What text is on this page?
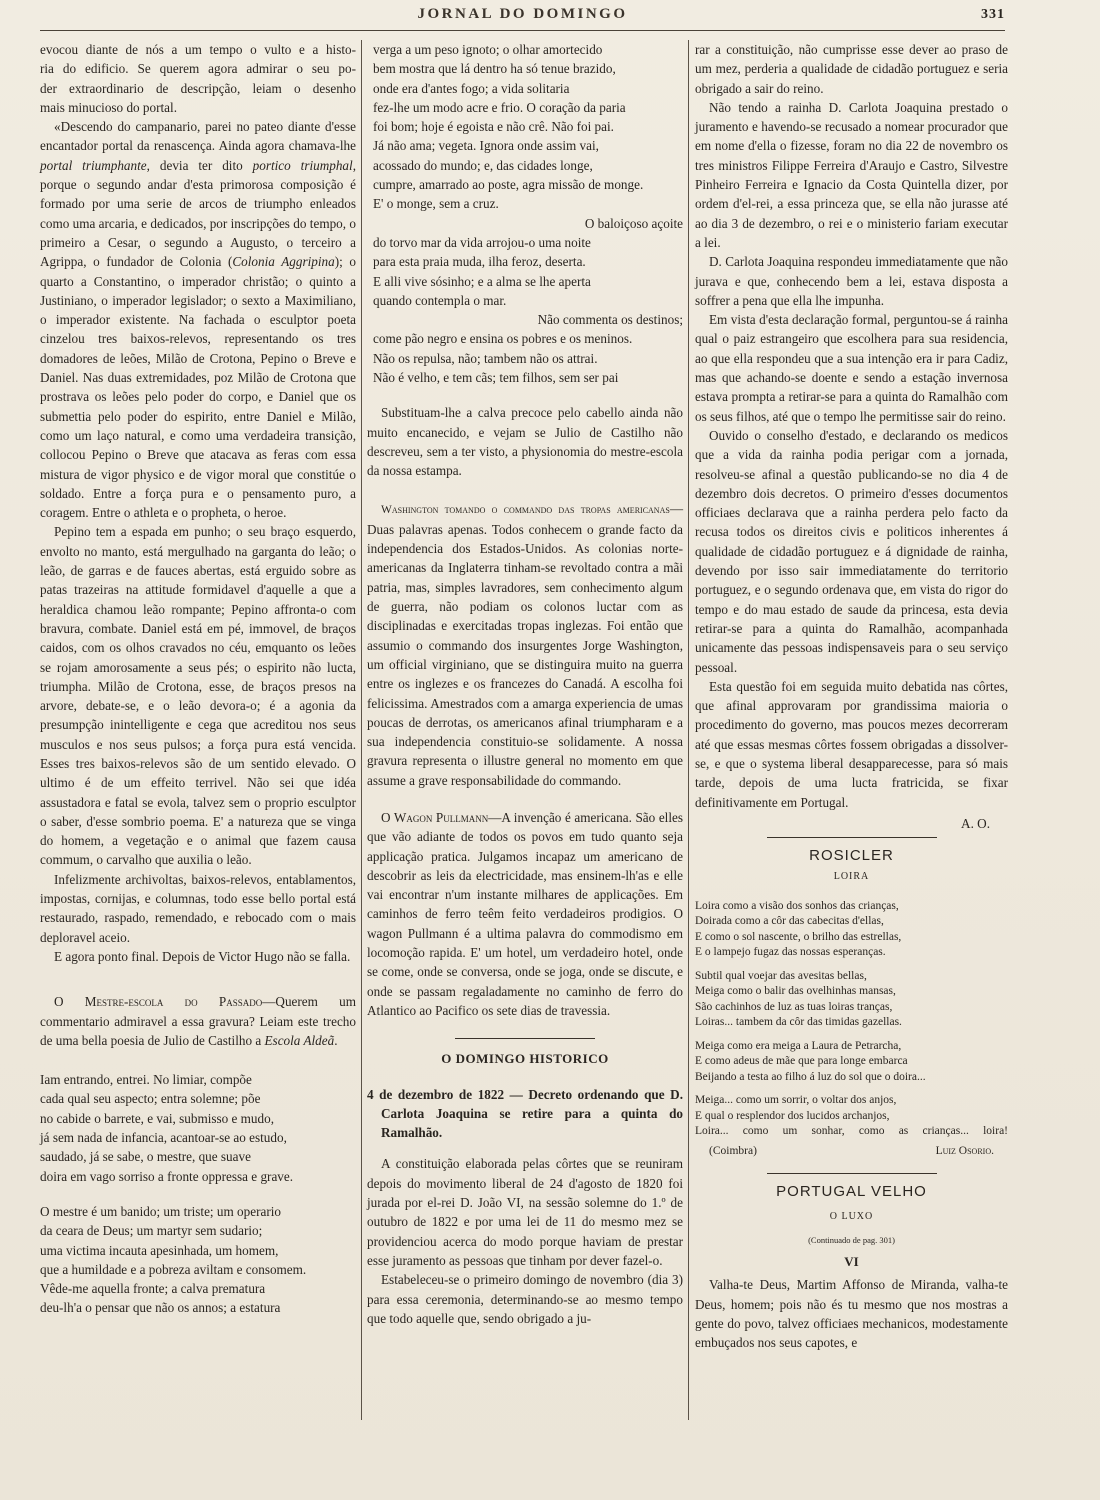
JORNAL DO DOMINGO	331
evocou diante de nós a um tempo o vulto e a histo-
ria do edificio. Se querem agora admirar o seu po-
der extraordinario de descripção, leiam o desenho
mais minucioso do portal.

«Descendo do campanario, parei no pateo diante d'esse encantador portal da renascença. Ainda agora chamava-lhe portal triumphante, devia ter dito portico triumphal, porque o segundo andar d'esta primorosa composição é formado por uma serie de arcos de triumpho enleados como uma arcaria, e dedicados, por inscripções do tempo, o primeiro a Cesar, o segundo a Augusto, o terceiro a Agrippa, o fundador de Colonia (Colonia Aggripina); o quarto a Constantino, o imperador christão; o quinto a Justiniano, o imperador legislador; o sexto a Maximiliano, o imperador existente. Na fachada o esculptor poeta cinzelou tres baixos-relevos, representando os tres domadores de leões, Milão de Crotona, Pepino o Breve e Daniel. Nas duas extremidades, poz Milão de Crotona que prostrava os leões pelo poder do corpo, e Daniel que os submettia pelo poder do espirito, entre Daniel e Milão, como um laço natural, e como uma verdadeira transição, collocou Pepino o Breve que atacava as feras com essa mistura de vigor physico e de vigor moral que constitúe o soldado. Entre a força pura e o pensamento puro, a coragem. Entre o athleta e o propheta, o heroe.

Pepino tem a espada em punho; o seu braço esquerdo, envolto no manto, está mergulhado na garganta do leão; o leão, de garras e de fauces abertas, está erguido sobre as patas trazeiras na attitude formidavel d'aquelle a que a heraldica chamou leão rompante; Pepino affronta-o com bravura, combate. Daniel está em pé, immovel, de braços caidos, com os olhos cravados no céu, emquanto os leões se rojam amorosamente a seus pés; o espirito não lucta, triumpha. Milão de Crotona, esse, de braços presos na arvore, debate-se, e o leão devora-o; é a agonia da presumpção inintelligente e cega que acreditou nos seus musculos e nos seus pulsos; a força pura está vencida. Esses tres baixos-relevos são de um sentido elevado. O ultimo é de um effeito terrivel. Não sei que idéa assustadora e fatal se evola, talvez sem o proprio esculptor o saber, d'esse sombrio poema. E' a natureza que se vinga do homem, a vegetação e o animal que fazem causa commum, o carvalho que auxilia o leão.

Infelizmente archivoltas, baixos-relevos, entablamentos, impostas, cornijas, e columnas, todo esse bello portal está restaurado, raspado, remendado, e rebocado com o mais deploravel aceio.

E agora ponto final. Depois de Victor Hugo não se falla.

O Mestre-escola do Passado—Querem um commentario admiravel a essa gravura? Leiam este trecho de uma bella poesia de Julio de Castilho a Escola Aldeã.

Iam entrando, entrei. No limiar, compõe
cada qual seu aspecto; entra solemne; põe
no cabide o barrete, e vai, submisso e mudo,
já sem nada de infancia, acantoar-se ao estudo,
saudado, já se sabe, o mestre, que suave
doira em vago sorriso a fronte oppressa e grave.
O mestre é um banido; um triste; um operario
da ceara de Deus; um martyr sem sudario;
uma victima incauta apesinhada, um homem,
que a humildade e a pobreza aviltam e consomem.
Vêde-me aquella fronte; a calva prematura
deu-lh'a o pensar que não os annos; a estatura
verga a um peso ignoto; o olhar amortecido
bem mostra que lá dentro ha só tenue brazido,
onde era d'antes fogo; a vida solitaria
fez-lhe um modo acre e frio. O coração da paria
foi bom; hoje é egoista e não crê. Não foi pai.
Já não ama; vegeta. Ignora onde assim vai,
acossado do mundo; e, das cidades longe,
cumpre, amarrado ao poste, agra missão de monge.
E' o monge, sem a cruz.
O baloiçoso açoite
do torvo mar da vida arrojou-o uma noite
para esta praia muda, ilha feroz, deserta.
E alli vive sósinho; e a alma se lhe aperta
quando contempla o mar.
Não commenta os destinos;
come pão negro e ensina os pobres e os meninos.
Não os repulsa, não; tambem não os attrai.
Não é velho, e tem cãs; tem filhos, sem ser pai

Substituam-lhe a calva precoce pelo cabello ainda não muito encanecido, e vejam se Julio de Castilho não descreveu, sem a ter visto, a physionomia do mestre-escola da nossa estampa.

Washington tomando o commando das tropas americanas—Duas palavras apenas. Todos conhecem o grande facto da independencia dos Estados-Unidos. As colonias norte-americanas da Inglaterra tinham-se revoltado contra a mãi patria, mas, simples lavradores, sem conhecimento algum de guerra, não podiam os colonos luctar com as disciplinadas e exercitadas tropas inglezas. Foi então que assumio o commando dos insurgentes Jorge Washington, um official virginiano, que se distinguira muito na guerra entre os inglezes e os francezes do Canadá. A escolha foi felicissima. Amestrados com a amarga experiencia de umas poucas de derrotas, os americanos afinal triumpharam e a sua independencia constituio-se solidamente. A nossa gravura representa o illustre general no momento em que assume a grave responsabilidade do commando.

O Wagon Pullmann—A invenção é americana. São elles que vão adiante de todos os povos em tudo quanto seja applicação pratica. Julgamos incapaz um americano de descobrir as leis da electricidade, mas ensinem-lh'as e elle vai encontrar n'um instante milhares de applicações. Em caminhos de ferro teêm feito verdadeiros prodigios. O wagon Pullmann é a ultima palavra do commodismo em locomoção rapida. E' um hotel, um verdadeiro hotel, onde se come, onde se conversa, onde se joga, onde se discute, e onde se passam regaladamente no caminho de ferro do Atlantico ao Pacifico os sete dias de travessia.

O DOMINGO HISTORICO

4 de dezembro de 1822 — Decreto ordenando que D. Carlota Joaquina se retire para a quinta do Ramalhão.

A constituição elaborada pelas côrtes que se reuniram depois do movimento liberal de 24 d'agosto de 1820 foi jurada por el-rei D. João VI, na sessão solemne do 1.º de outubro de 1822 e por uma lei de 11 do mesmo mez se providenciou acerca do modo porque haviam de prestar esse juramento as pessoas que tinham por dever fazel-o.

Estabeleceu-se o primeiro domingo de novembro (dia 3) para essa ceremonia, determinando-se ao mesmo tempo que todo aquelle que, sendo obrigado a ju-

rar a constituição, não cumprisse esse dever ao praso de um mez, perderia a qualidade de cidadão portuguez e seria obrigado a sair do reino.

Não tendo a rainha D. Carlota Joaquina prestado o juramento e havendo-se recusado a nomear procurador que em nome d'ella o fizesse, foram no dia 22 de novembro os tres ministros Filippe Ferreira d'Araujo e Castro, Silvestre Pinheiro Ferreira e Ignacio da Costa Quintella dizer, por ordem d'el-rei, a essa princeza que, se ella não jurasse até ao dia 3 de dezembro, o rei e o ministerio fariam executar a lei.

D. Carlota Joaquina respondeu immediatamente que não jurava e que, conhecendo bem a lei, estava disposta a soffrer a pena que ella lhe impunha.

Em vista d'esta declaração formal, perguntou-se á rainha qual o paiz estrangeiro que escolhera para sua residencia, ao que ella respondeu que a sua intenção era ir para Cadiz, mas que achando-se doente e sendo a estação invernosa estava prompta a retirar-se para a quinta do Ramalhão com os seus filhos, até que o tempo lhe permitisse sair do reino.

Ouvido o conselho d'estado, e declarando os medicos que a vida da rainha podia perigar com a jornada, resolveu-se afinal a questão publicando-se no dia 4 de dezembro dois decretos. O primeiro d'esses documentos officiaes declarava que a rainha perdera pelo facto da recusa todos os direitos civis e politicos inherentes á qualidade de cidadão portuguez e á dignidade de rainha, devendo por isso sair immediatamente do territorio portuguez, e o segundo ordenava que, em vista do rigor do tempo e do mau estado de saude da princesa, esta devia retirar-se para a quinta do Ramalhão, acompanhada unicamente das pessoas indispensaveis para o seu serviço pessoal.

Esta questão foi em seguida muito debatida nas côrtes, que afinal approvaram por grandissima maioria o procedimento do governo, mas poucos mezes decorreram até que essas mesmas côrtes fossem obrigadas a dissolver-se, e que o systema liberal desapparecesse, para só mais tarde, depois de uma lucta fratricida, se fixar definitivamente em Portugal.

A. O.
ROSICLER
LOIRA
Loira como a visão dos sonhos das crianças,
Doirada como a côr das cabecitas d'ellas,
E como o sol nascente, o brilho das estrellas,
E o lampejo fugaz das nossas esperanças.
Subtil qual voejar das avesitas bellas,
Meiga como o balir das ovelhinhas mansas,
São cachinhos de luz as tuas loiras tranças,
Loiras... tambem da côr das timidas gazellas.
Meiga como era meiga a Laura de Petrarcha,
E como adeus de mãe que para longe embarca
Beijando a testa ao filho á luz do sol que o doira...
Meiga... como um sorrir, o voltar dos anjos,
E qual o resplendor dos lucidos archanjos,
Loira... como um sonhar, como as crianças... loira!
(Coimbra)	Luiz Osorio.
PORTUGAL VELHO
O LUXO
(Continuado de pag. 301)
VI

Valha-te Deus, Martim Affonso de Miranda, valha-te Deus, homem; pois não és tu mesmo que nos mostras a gente do povo, talvez officiaes mechanicos, modestamente embuçados nos seus capotes, e
